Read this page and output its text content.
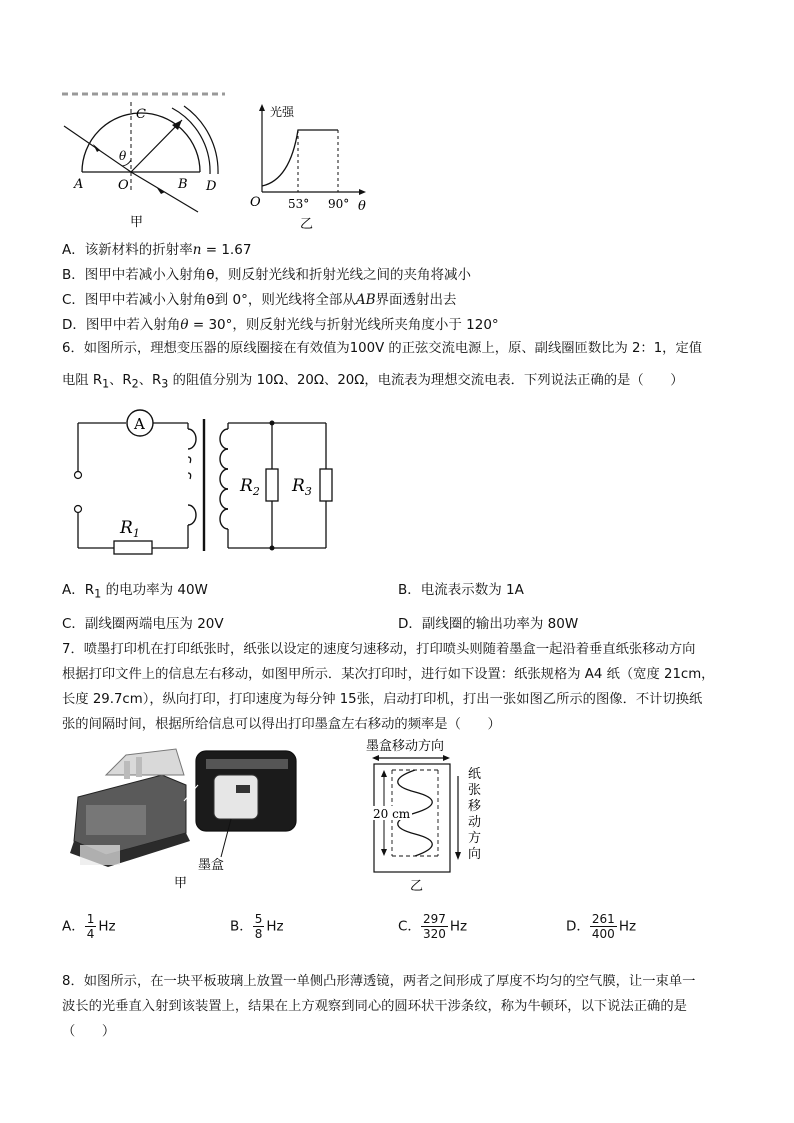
A	B
C
D
O
θ
甲
光强
O 53° 90° θ
乙
A．该新材料的折射率n = 1.67
B．图甲中若减小入射角θ，则反射光线和折射光线之间的夹角将减小
C．图甲中若减小入射角θ到 0°，则光线将全部从AB界面透射出去
D．图甲中若入射角θ = 30°，则反射光线与折射光线所夹角度小于 120°
6．如图所示，理想变压器的原线圈接在有效值为100V 的正弦交流电源上，原、副线圈匝数比为 2：1，定值
电阻 $R_1$、$R_2$、$R_3$ 的阻值分别为 10Ω、20Ω、20Ω，电流表为理想交流电表．下列说法正确的是（　　）
A
$R_1$
$R_2$ $R_3$
A．$R_1$ 的电功率为 40W	B．电流表示数为 1A
C．副线圈两端电压为 20V	D．副线圈的输出功率为 80W
7．喷墨打印机在打印纸张时，纸张以设定的速度匀速移动，打印喷头则随着墨盒一起沿着垂直纸张移动方向
根据打印文件上的信息左右移动，如图甲所示．某次打印时，进行如下设置：纸张规格为 A4 纸（宽度 21cm，
长度 29.7cm），纵向打印，打印速度为每分钟 15张，启动打印机，打出一张如图乙所示的图像．不计切换纸
张的间隔时间，根据所给信息可以得出打印墨盒左右移动的频率是（　　）
墨盒
甲
墨盒移动方向
20 cm
乙
纸
张
移
动
方
向
A． $\frac{1}{4}$ Hz	B． $\frac{5}{8}$ Hz	C． $\frac{297}{320}$ Hz	D． $\frac{261}{400}$ Hz
8．如图所示，在一块平板玻璃上放置一单侧凸形薄透镜，两者之间形成了厚度不均匀的空气膜，让一束单一
波长的光垂直入射到该装置上，结果在上方观察到同心的圆环状干涉条纹，称为牛顿环，以下说法正确的是
（　　）
